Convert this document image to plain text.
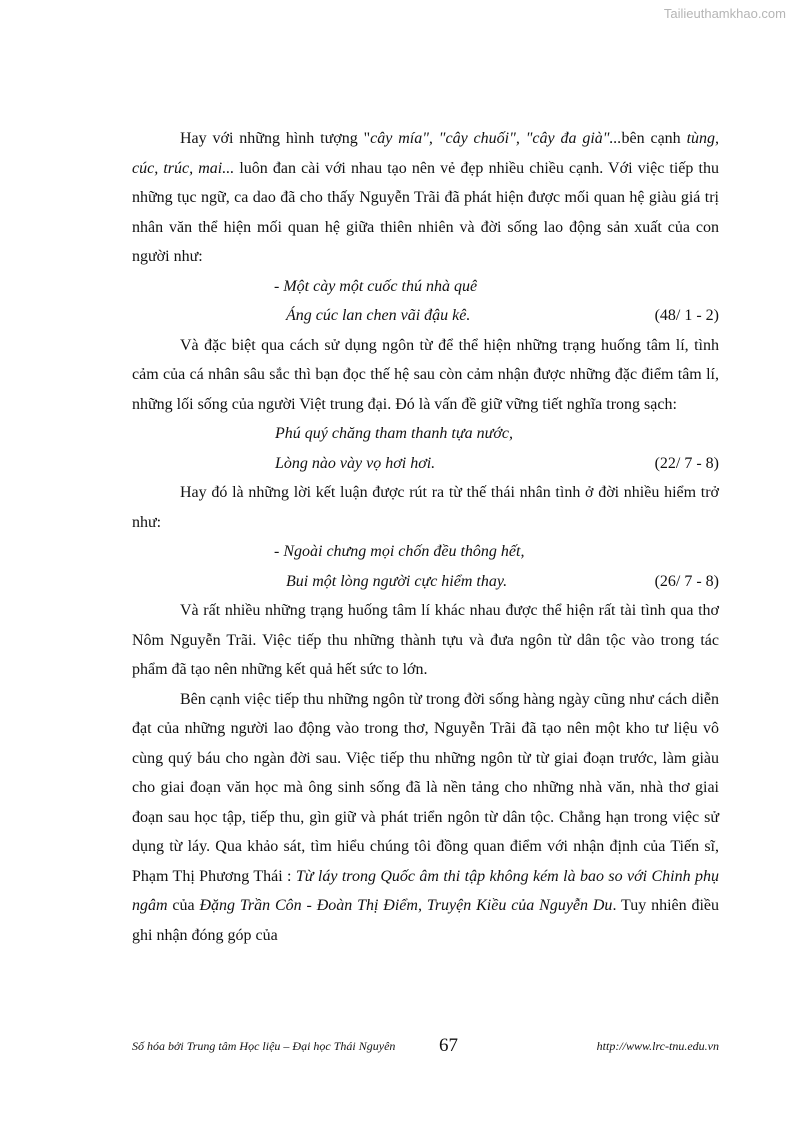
Tailieuthamkhao.com

Hay với những hình tượng "cây mía", "cây chuối", "cây đa già"...bên cạnh tùng, cúc, trúc, mai... luôn đan cài với nhau tạo nên vẻ đẹp nhiều chiều cạnh. Với việc tiếp thu những tục ngữ, ca dao đã cho thấy Nguyễn Trãi đã phát hiện được mối quan hệ giàu giá trị nhân văn thể hiện mối quan hệ giữa thiên nhiên và đời sống lao động sản xuất của con người như:

- Một cày một cuốc thú nhà quê
Áng cúc lan chen vãi đậu kê.	(48/ 1 - 2)

Và đặc biệt qua cách sử dụng ngôn từ để thể hiện những trạng huống tâm lí, tình cảm của cá nhân sâu sắc thì bạn đọc thế hệ sau còn cảm nhận được những đặc điểm tâm lí, những lối sống của người Việt trung đại. Đó là vấn đề giữ vững tiết nghĩa trong sạch:

Phú quý chăng tham thanh tựa nước,
Lòng nào vày vọ hơi hơi.	(22/ 7 - 8)

Hay đó là những lời kết luận được rút ra từ thế thái nhân tình ở đời nhiều hiểm trở như:

- Ngoài chưng mọi chốn đều thông hết,
Bui một lòng người cực hiểm thay.	(26/ 7 - 8)

Và rất nhiều những trạng huống tâm lí khác nhau được thể hiện rất tài tình qua thơ Nôm Nguyễn Trãi. Việc tiếp thu những thành tựu và đưa ngôn từ dân tộc vào trong tác phẩm đã tạo nên những kết quả hết sức to lớn.

Bên cạnh việc tiếp thu những ngôn từ trong đời sống hàng ngày cũng như cách diễn đạt của những người lao động vào trong thơ, Nguyễn Trãi đã tạo nên một kho tư liệu vô cùng quý báu cho ngàn đời sau. Việc tiếp thu những ngôn từ từ giai đoạn trước, làm giàu cho giai đoạn văn học mà ông sinh sống đã là nền tảng cho những nhà văn, nhà thơ giai đoạn sau học tập, tiếp thu, gìn giữ và phát triển ngôn từ dân tộc. Chẳng hạn trong việc sử dụng từ láy. Qua khảo sát, tìm hiểu chúng tôi đồng quan điểm với nhận định của Tiến sĩ, Phạm Thị Phương Thái : Từ láy trong Quốc âm thi tập không kém là bao so với Chinh phụ ngâm của Đặng Trần Côn - Đoàn Thị Điểm, Truyện Kiều của Nguyễn Du. Tuy nhiên điều ghi nhận đóng góp của

Số hóa bởi Trung tâm Học liệu – Đại học Thái Nguyên 67	http://www.lrc-tnu.edu.vn
